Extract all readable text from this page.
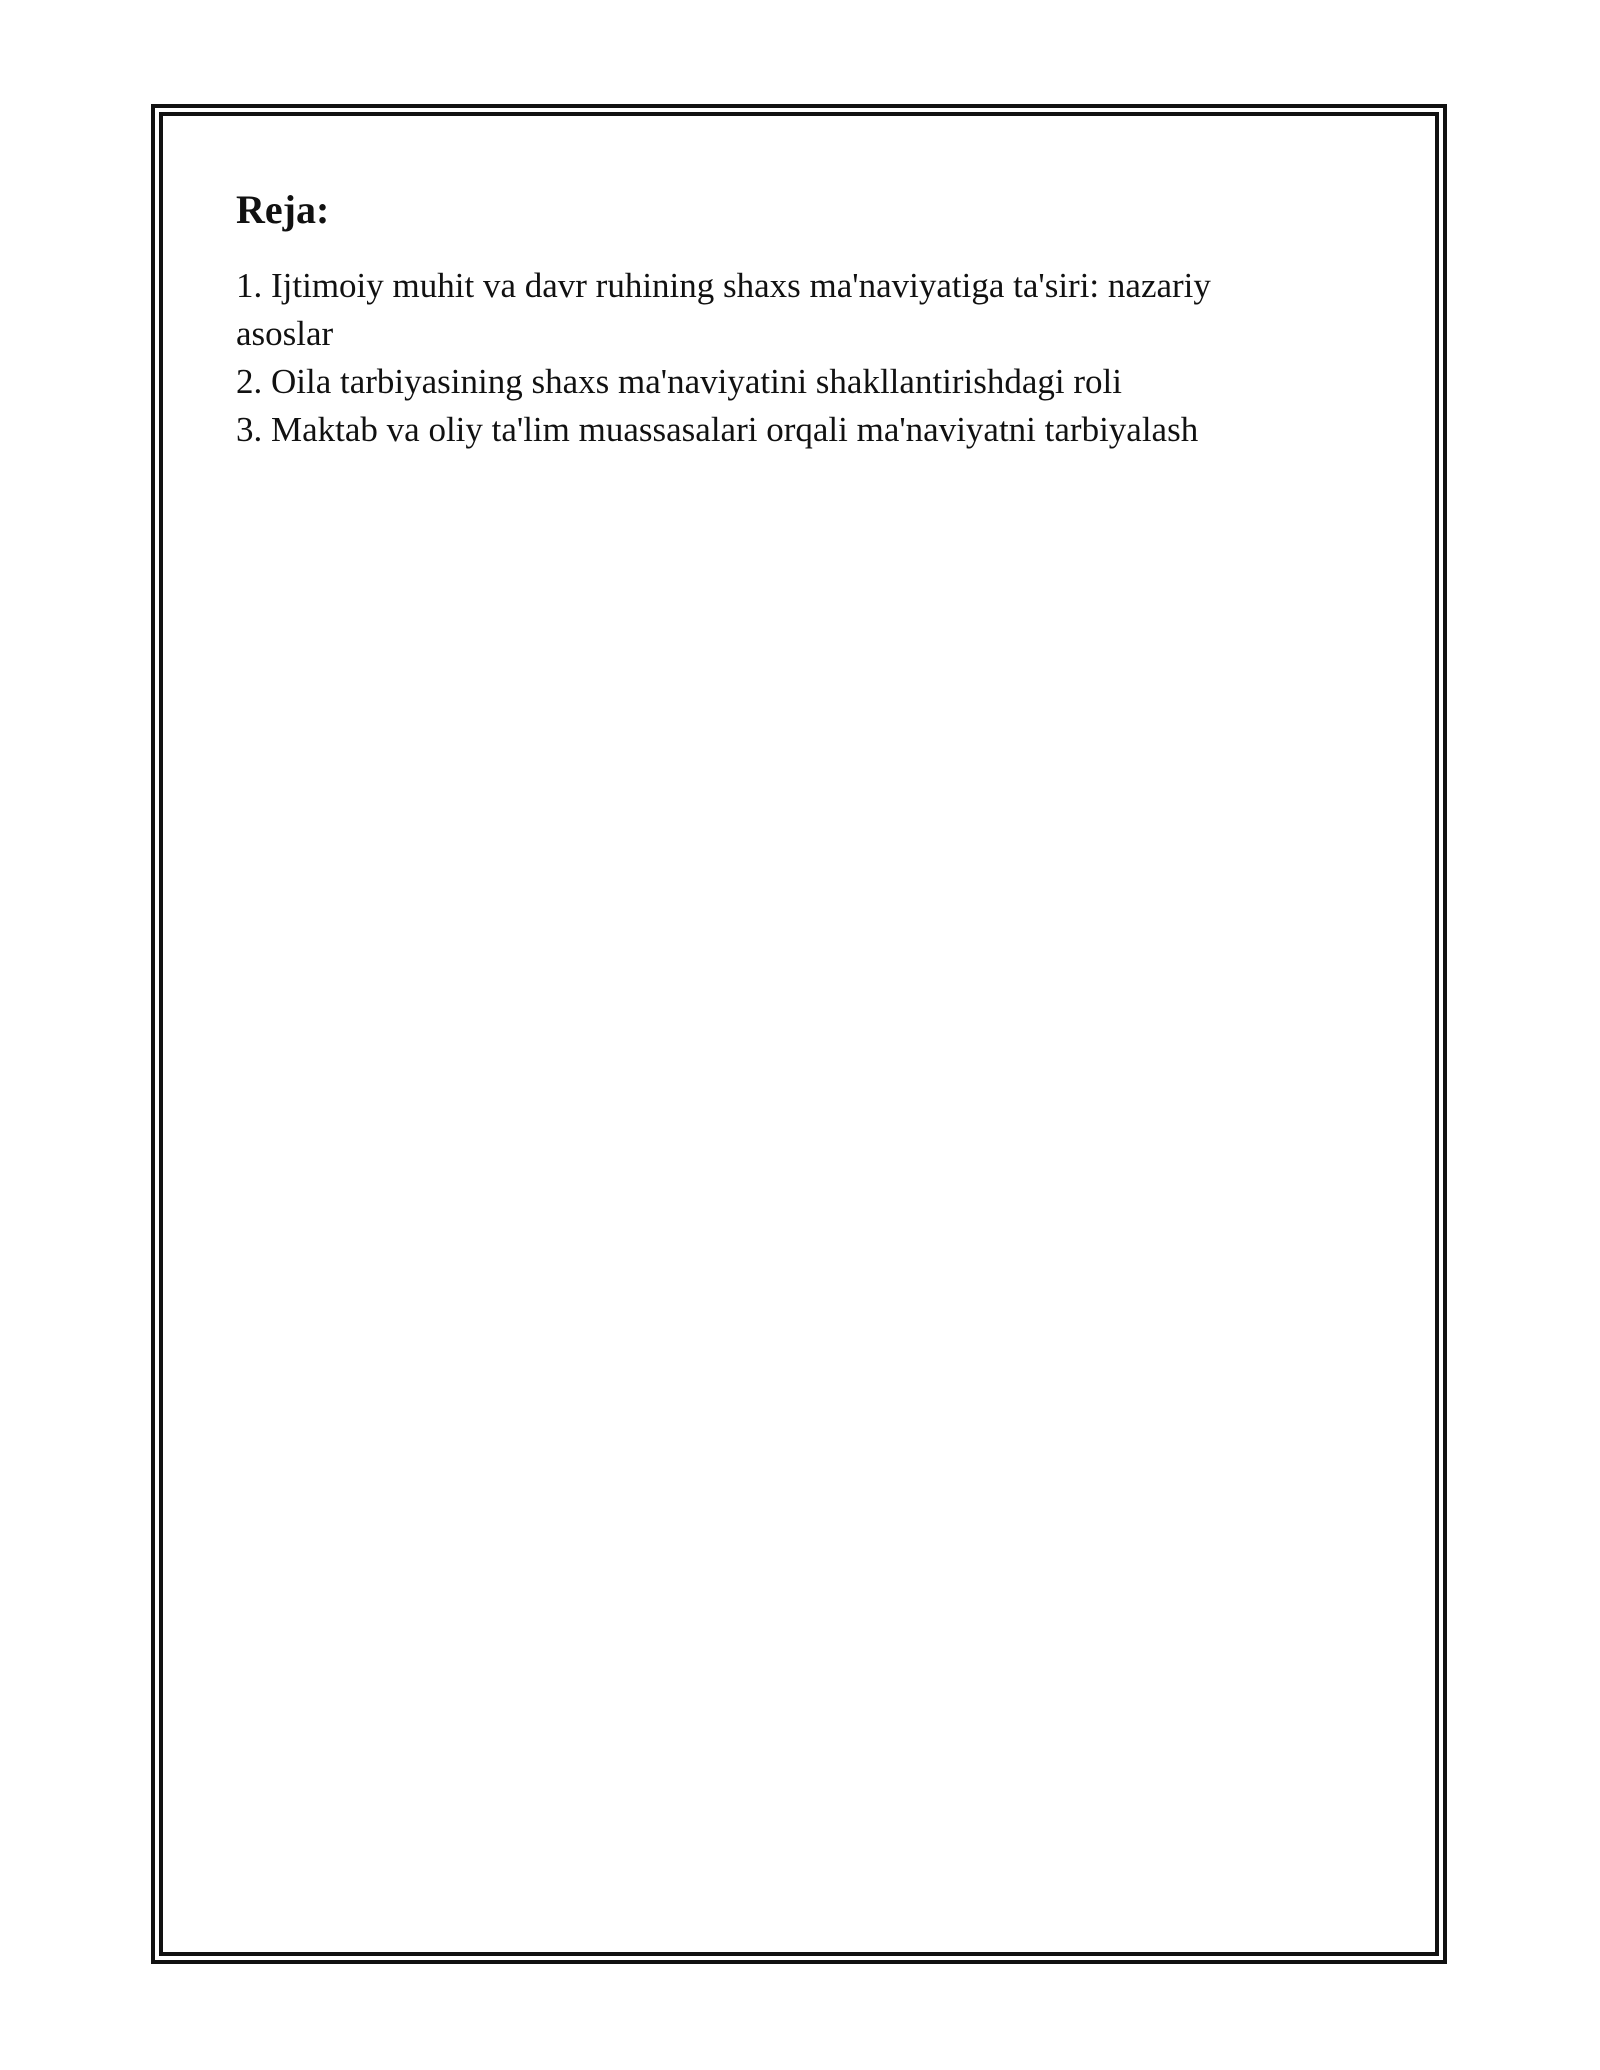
Reja:
1. Ijtimoiy muhit va davr ruhining shaxs ma'naviyatiga ta'siri: nazariy asoslar
2. Oila tarbiyasining shaxs ma'naviyatini shakllantirishdagi roli
3. Maktab va oliy ta'lim muassasalari orqali ma'naviyatni tarbiyalash
